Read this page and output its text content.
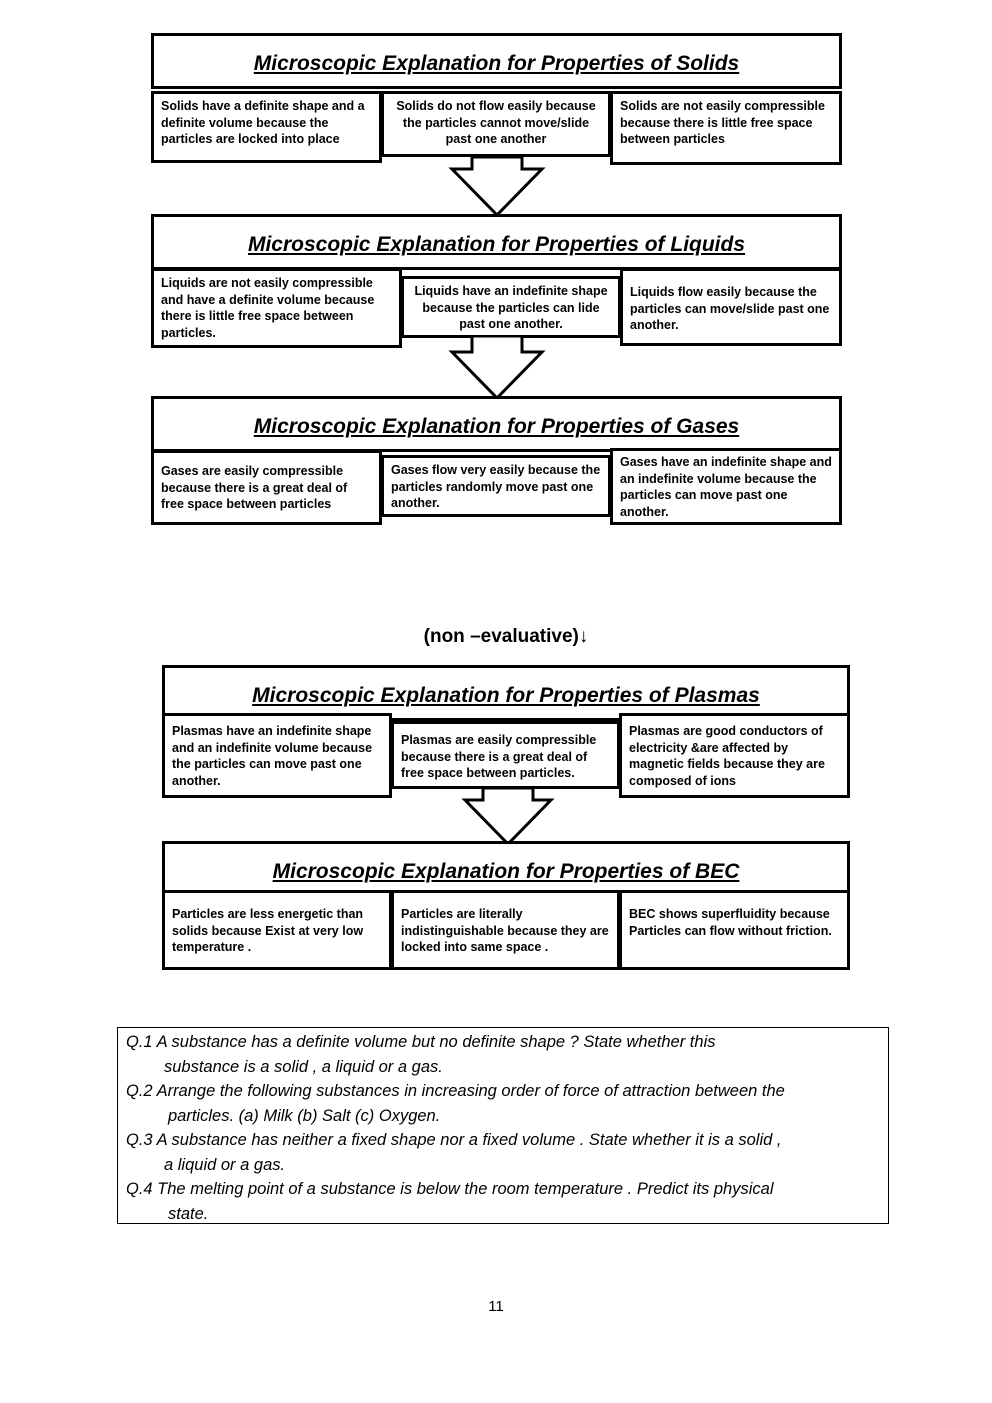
Microscopic Explanation for Properties of Solids
Solids have a definite shape and a definite volume because the particles are locked into place
Solids do not flow easily because the particles cannot move/slide past one another
Solids are not easily compressible because there is little free space between particles
Microscopic Explanation for Properties of Liquids
Liquids are not easily compressible and have a definite volume because there is little free space between particles.
Liquids have an indefinite shape because the particles can lide past one another.
Liquids flow easily because the particles can move/slide past one another.
Microscopic Explanation for Properties of Gases
Gases are easily compressible because there is a great deal of free space between particles
Gases flow very easily because the particles randomly move past one another.
Gases have an indefinite shape and an indefinite volume because the particles can move past one another.
(non –evaluative)↓
Microscopic Explanation for Properties of Plasmas
Plasmas have an indefinite shape and an indefinite volume because the particles can move past one another.
Plasmas are easily compressible because there is a great deal of free space between particles.
Plasmas are good conductors of electricity &are affected by magnetic fields because they are composed of ions
Microscopic Explanation for Properties of BEC
Particles are less energetic than solids because Exist at very low temperature .
Particles are literally indistinguishable because they are locked into same space .
BEC shows superfluidity because Particles can flow without friction.

Q.1 A substance has a definite volume but no definite shape ? State whether this
substance is a solid , a liquid or a gas.

Q.2 Arrange the following substances in increasing order of force of attraction between the
particles. (a) Milk (b) Salt (c) Oxygen.

Q.3 A substance has neither a fixed shape nor a fixed volume . State whether it is a solid ,
a liquid or a gas.

Q.4 The melting point of a substance is below the room temperature . Predict its physical
state.

11
